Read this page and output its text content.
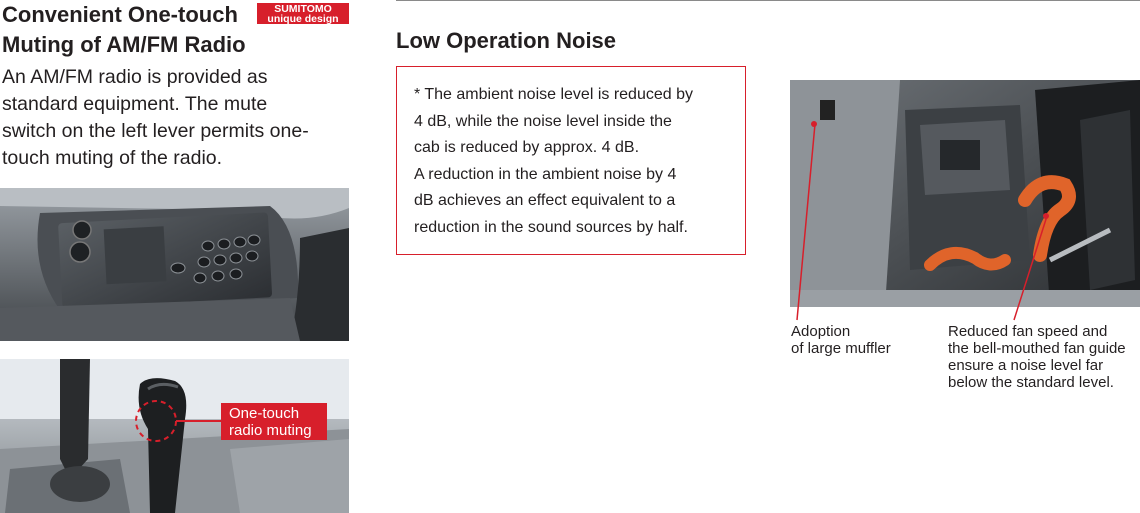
Convenient One-touch
Muting of AM/FM Radio
SUMITOMO
unique design
An AM/FM radio is provided as
standard equipment. The mute
switch on the left lever permits one-
touch muting of the radio.
One-touch
radio muting
Low Operation Noise
* The ambient noise level is reduced by
4 dB, while the noise level inside the
cab is reduced by approx. 4 dB.
A reduction in the ambient noise by 4
dB achieves an effect equivalent to a
reduction in the sound sources by half.
Adoption
of large muffler
Reduced fan speed and
the bell-mouthed fan guide
ensure a noise level far
below the standard level.
